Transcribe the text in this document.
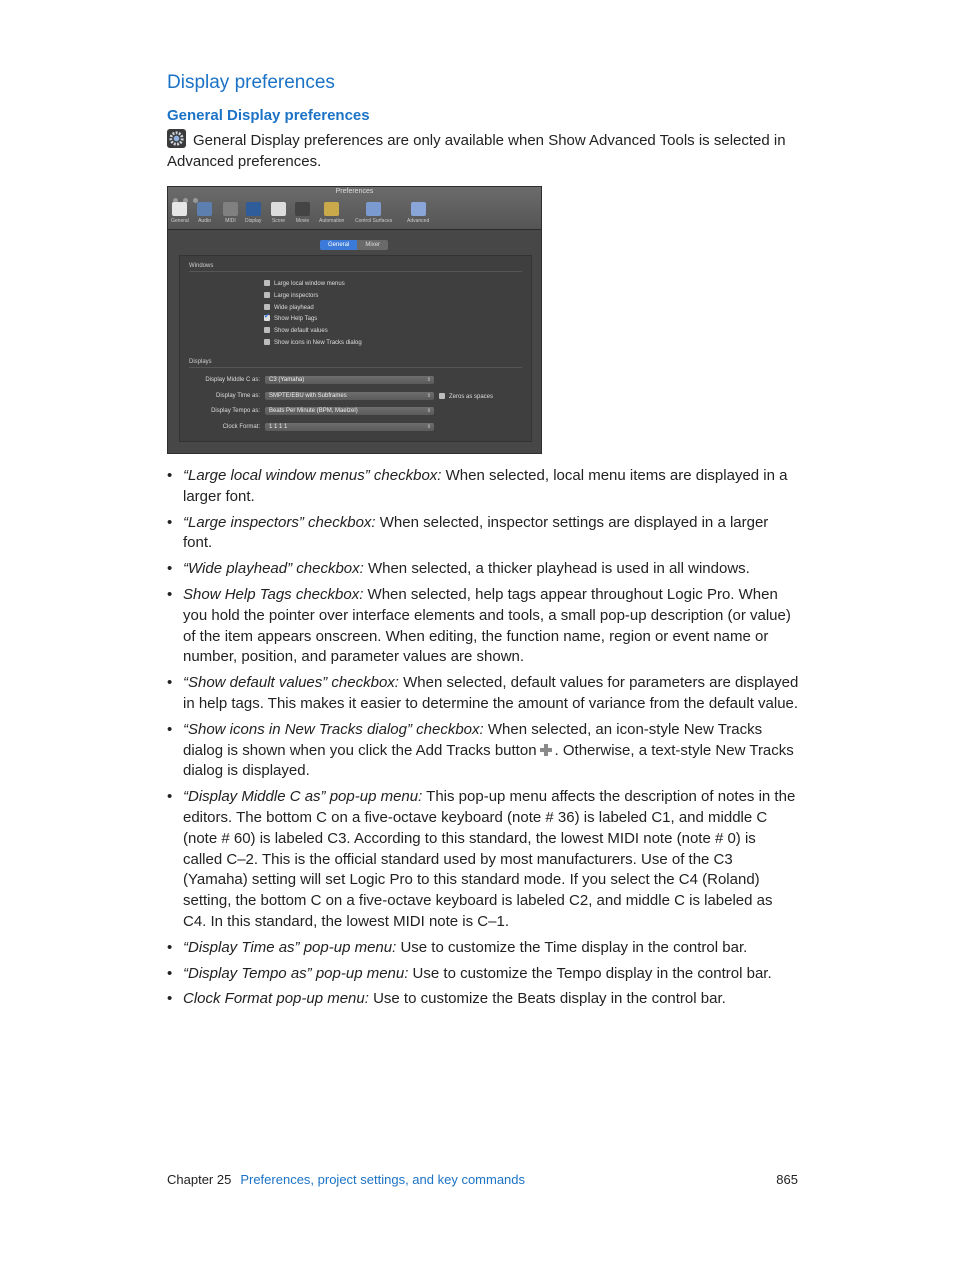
Display preferences
General Display preferences
General Display preferences are only available when Show Advanced Tools is selected in Advanced preferences.
Preferences
General Audio	MIDI	Display Score Movie Automation Control Surfaces	Advanced
General	Mixer
Windows
Large local window menus
Large inspectors
Wide playhead
✔Show Help Tags
Show default values
Show icons in New Tracks dialog
Displays
Display Middle C as:	C3 (Yamaha)	⇕
Display Time as:	SMPTE/EBU with Subframes	⇕	Zeros as spaces
Display Tempo as:	Beats Per Minute (BPM, Maelzel)	⇕
Clock Format:	1 1 1 1	⇕
• “Large local window menus” checkbox: When selected, local menu items are displayed in a larger font.
• “Large inspectors” checkbox: When selected, inspector settings are displayed in a larger font.
• “Wide playhead” checkbox: When selected, a thicker playhead is used in all windows.
• Show Help Tags checkbox: When selected, help tags appear throughout Logic Pro. When you hold the pointer over interface elements and tools, a small pop-up description (or value) of the item appears onscreen. When editing, the function name, region or event name or number, position, and parameter values are shown.
• “Show default values” checkbox: When selected, default values for parameters are displayed in help tags. This makes it easier to determine the amount of variance from the default value.
• “Show icons in New Tracks dialog” checkbox: When selected, an icon-style New Tracks dialog is shown when you click the Add Tracks button . Otherwise, a text-style New Tracks dialog is displayed.
• “Display Middle C as” pop-up menu: This pop-up menu affects the description of notes in the editors. The bottom C on a five-octave keyboard (note # 36) is labeled C1, and middle C (note # 60) is labeled C3. According to this standard, the lowest MIDI note (note # 0) is called C–2. This is the official standard used by most manufacturers. Use of the C3 (Yamaha) setting will set Logic Pro to this standard mode. If you select the C4 (Roland) setting, the bottom C on a five-octave keyboard is labeled C2, and middle C is labeled as C4. In this standard, the lowest MIDI note is C–1.
• “Display Time as” pop-up menu: Use to customize the Time display in the control bar.
• “Display Tempo as” pop-up menu: Use to customize the Tempo display in the control bar.
• Clock Format pop-up menu: Use to customize the Beats display in the control bar.
Chapter 25 Preferences, project settings, and key commands	865
